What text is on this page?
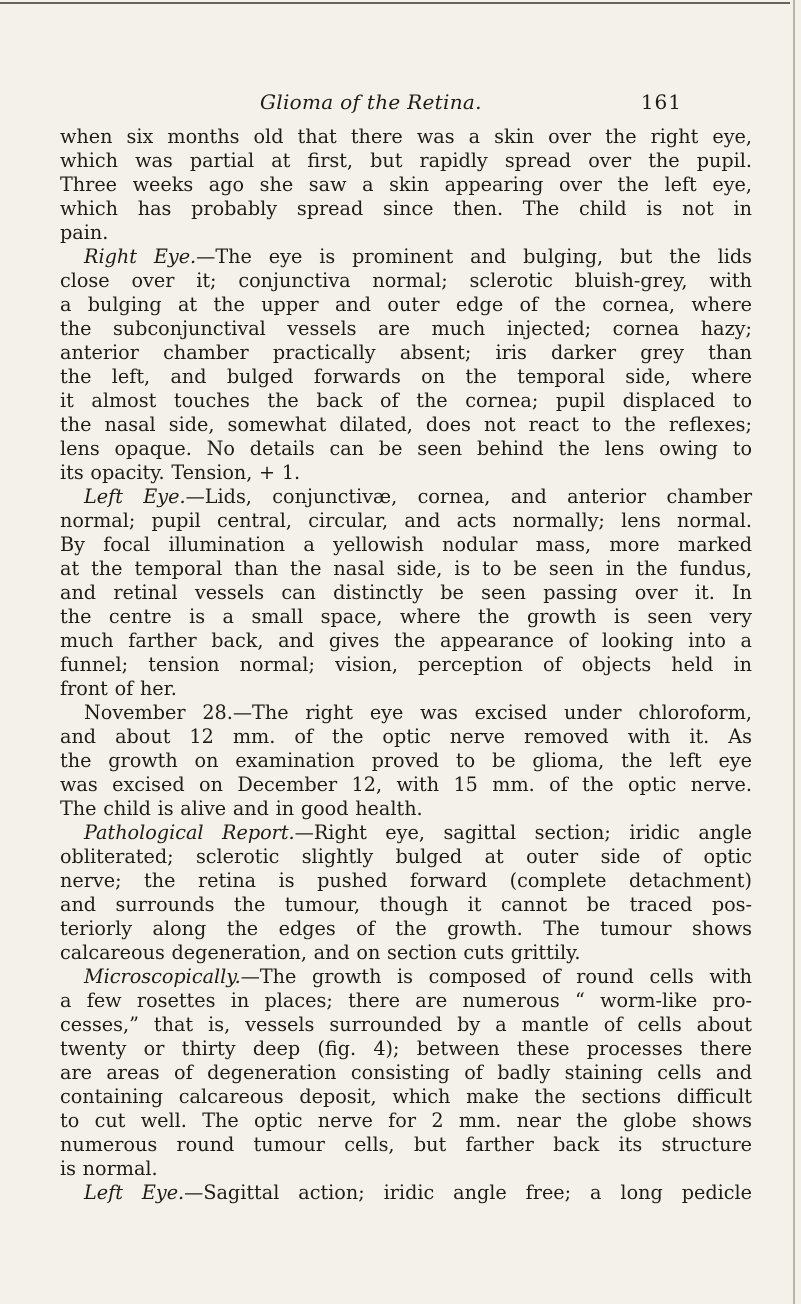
Glioma of the Retina.	161
when six months old that there was a skin over the right eye,
which was partial at first, but rapidly spread over the pupil.
Three weeks ago she saw a skin appearing over the left eye,
which has probably spread since then. The child is not in
pain.
Right Eye.—The eye is prominent and bulging, but the lids
close over it; conjunctiva normal; sclerotic bluish-grey, with
a bulging at the upper and outer edge of the cornea, where
the subconjunctival vessels are much injected; cornea hazy;
anterior chamber practically absent; iris darker grey than
the left, and bulged forwards on the temporal side, where
it almost touches the back of the cornea; pupil displaced to
the nasal side, somewhat dilated, does not react to the reflexes;
lens opaque. No details can be seen behind the lens owing to
its opacity. Tension, + 1.
Left Eye.—Lids, conjunctivæ, cornea, and anterior chamber
normal; pupil central, circular, and acts normally; lens normal.
By focal illumination a yellowish nodular mass, more marked
at the temporal than the nasal side, is to be seen in the fundus,
and retinal vessels can distinctly be seen passing over it. In
the centre is a small space, where the growth is seen very
much farther back, and gives the appearance of looking into a
funnel; tension normal; vision, perception of objects held in
front of her.
November 28.—The right eye was excised under chloroform,
and about 12 mm. of the optic nerve removed with it. As
the growth on examination proved to be glioma, the left eye
was excised on December 12, with 15 mm. of the optic nerve.
The child is alive and in good health.
Pathological Report.—Right eye, sagittal section; iridic angle
obliterated; sclerotic slightly bulged at outer side of optic
nerve; the retina is pushed forward (complete detachment)
and surrounds the tumour, though it cannot be traced pos-
teriorly along the edges of the growth. The tumour shows
calcareous degeneration, and on section cuts grittily.
Microscopically.—The growth is composed of round cells with
a few rosettes in places; there are numerous “ worm-like pro-
cesses,” that is, vessels surrounded by a mantle of cells about
twenty or thirty deep (fig. 4); between these processes there
are areas of degeneration consisting of badly staining cells and
containing calcareous deposit, which make the sections difficult
to cut well. The optic nerve for 2 mm. near the globe shows
numerous round tumour cells, but farther back its structure
is normal.
Left Eye.—Sagittal action; iridic angle free; a long pedicle
